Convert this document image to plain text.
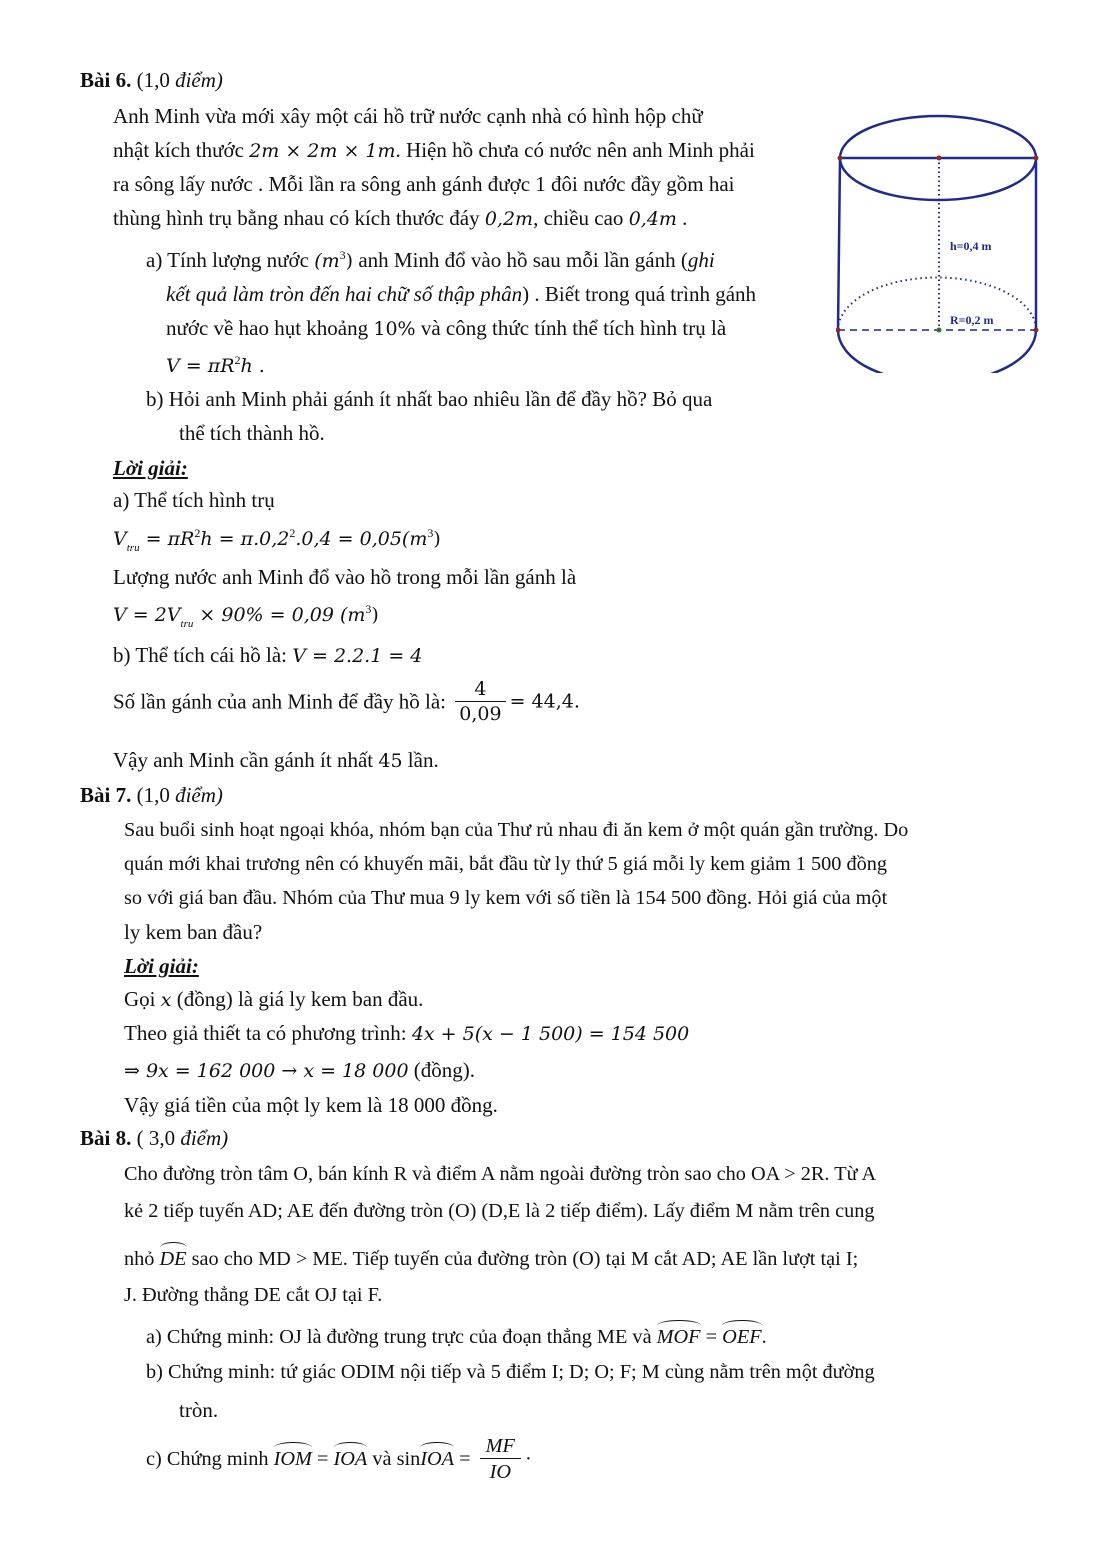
Bài 6. (1,0 điểm)
Anh Minh vừa mới xây một cái hồ trữ nước cạnh nhà có hình hộp chữ
nhật kích thước 2m × 2m × 1m. Hiện hồ chưa có nước nên anh Minh phải
ra sông lấy nước . Mỗi lần ra sông anh gánh được 1 đôi nước đầy gồm hai
thùng hình trụ bằng nhau có kích thước đáy 0,2m, chiều cao 0,4m .
a) Tính lượng nước $(m^3)$ anh Minh đổ vào hồ sau mỗi lần gánh (ghi
kết quả làm tròn đến hai chữ số thập phân) . Biết trong quá trình gánh
nước về hao hụt khoảng 10% và công thức tính thể tích hình trụ là
$V = \pi R^2h$ .
b) Hỏi anh Minh phải gánh ít nhất bao nhiêu lần để đầy hồ? Bỏ qua
thể tích thành hồ.
h=0,4 m
R=0,2 m
Lời giải:
a) Thể tích hình trụ
$V_{tru} = \pi R^2h = \pi.0,2^2.0,4 = 0,05(m^3)$
Lượng nước anh Minh đổ vào hồ trong mỗi lần gánh là
$V = 2V_{tru} \times 90\% = 0,09$ $(m^3)$
b) Thể tích cái hồ là: V = 2.2.1 = 4
Số lần gánh của anh Minh để đầy hồ là: $\frac{4}{0,09} = 44,4$.
Vậy anh Minh cần gánh ít nhất 45 lần.
Bài 7. (1,0 điểm)
Sau buổi sinh hoạt ngoại khóa, nhóm bạn của Thư rủ nhau đi ăn kem ở một quán gần trường. Do
quán mới khai trương nên có khuyến mãi, bắt đầu từ ly thứ 5 giá mỗi ly kem giảm 1 500 đồng
so với giá ban đầu. Nhóm của Thư mua 9 ly kem với số tiền là 154 500 đồng. Hỏi giá của một
ly kem ban đầu?
Lời giải:
Gọi x (đồng) là giá ly kem ban đầu.
Theo giả thiết ta có phương trình: 4x + 5(x − 1 500) = 154 500
⇒ 9x = 162 000 → x = 18 000 (đồng).
Vậy giá tiền của một ly kem là 18 000 đồng.
Bài 8. ( 3,0 điểm)
Cho đường tròn tâm O, bán kính R và điểm A nằm ngoài đường tròn sao cho OA > 2R. Từ A
kẻ 2 tiếp tuyến AD; AE đến đường tròn (O) (D,E là 2 tiếp điểm). Lấy điểm M nằm trên cung
nhỏ DE sao cho MD > ME. Tiếp tuyến của đường tròn (O) tại M cắt AD; AE lần lượt tại I;
J. Đường thẳng DE cắt OJ tại F.
a) Chứng minh: OJ là đường trung trực của đoạn thẳng ME và MOF = OEF.
b) Chứng minh: tứ giác ODIM nội tiếp và 5 điểm I; D; O; F; M cùng nằm trên một đường
tròn.
c) Chứng minh IOM = IOA và sinIOA = $\frac{MF}{IO}$ ·
